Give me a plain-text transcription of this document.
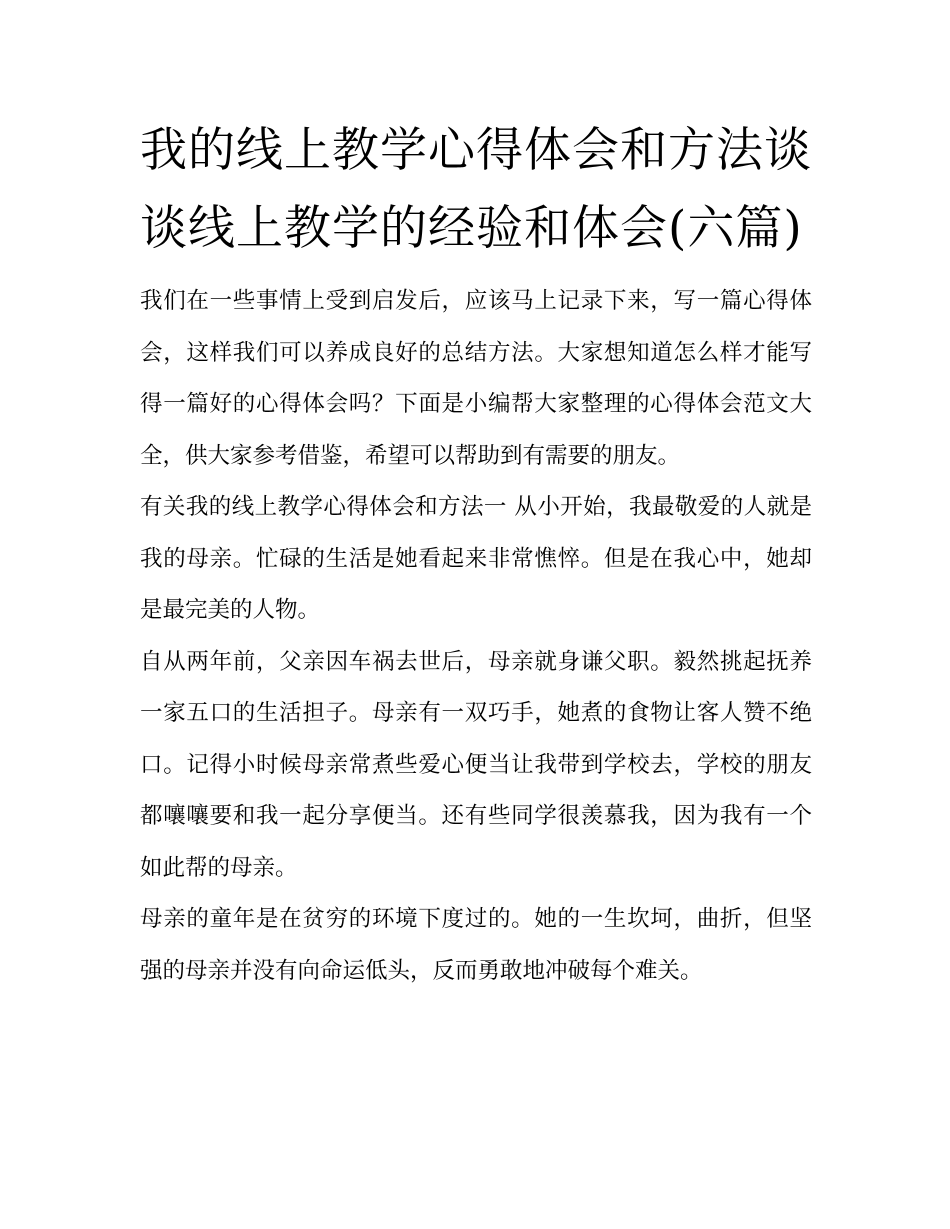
我的线上教学心得体会和方法谈谈线上教学的经验和体会(六篇)

我们在一些事情上受到启发后，应该马上记录下来，写一篇心得体会，这样我们可以养成良好的总结方法。大家想知道怎么样才能写得一篇好的心得体会吗？下面是小编帮大家整理的心得体会范文大全，供大家参考借鉴，希望可以帮助到有需要的朋友。

有关我的线上教学心得体会和方法一 从小开始，我最敬爱的人就是我的母亲。忙碌的生活是她看起来非常憔悴。但是在我心中，她却是最完美的人物。

自从两年前，父亲因车祸去世后，母亲就身谦父职。毅然挑起抚养一家五口的生活担子。母亲有一双巧手，她煮的食物让客人赞不绝口。记得小时候母亲常煮些爱心便当让我带到学校去，学校的朋友都嚷嚷要和我一起分享便当。还有些同学很羡慕我，因为我有一个如此帮的母亲。

母亲的童年是在贫穷的环境下度过的。她的一生坎坷，曲折，但坚强的母亲并没有向命运低头，反而勇敢地冲破每个难关。
